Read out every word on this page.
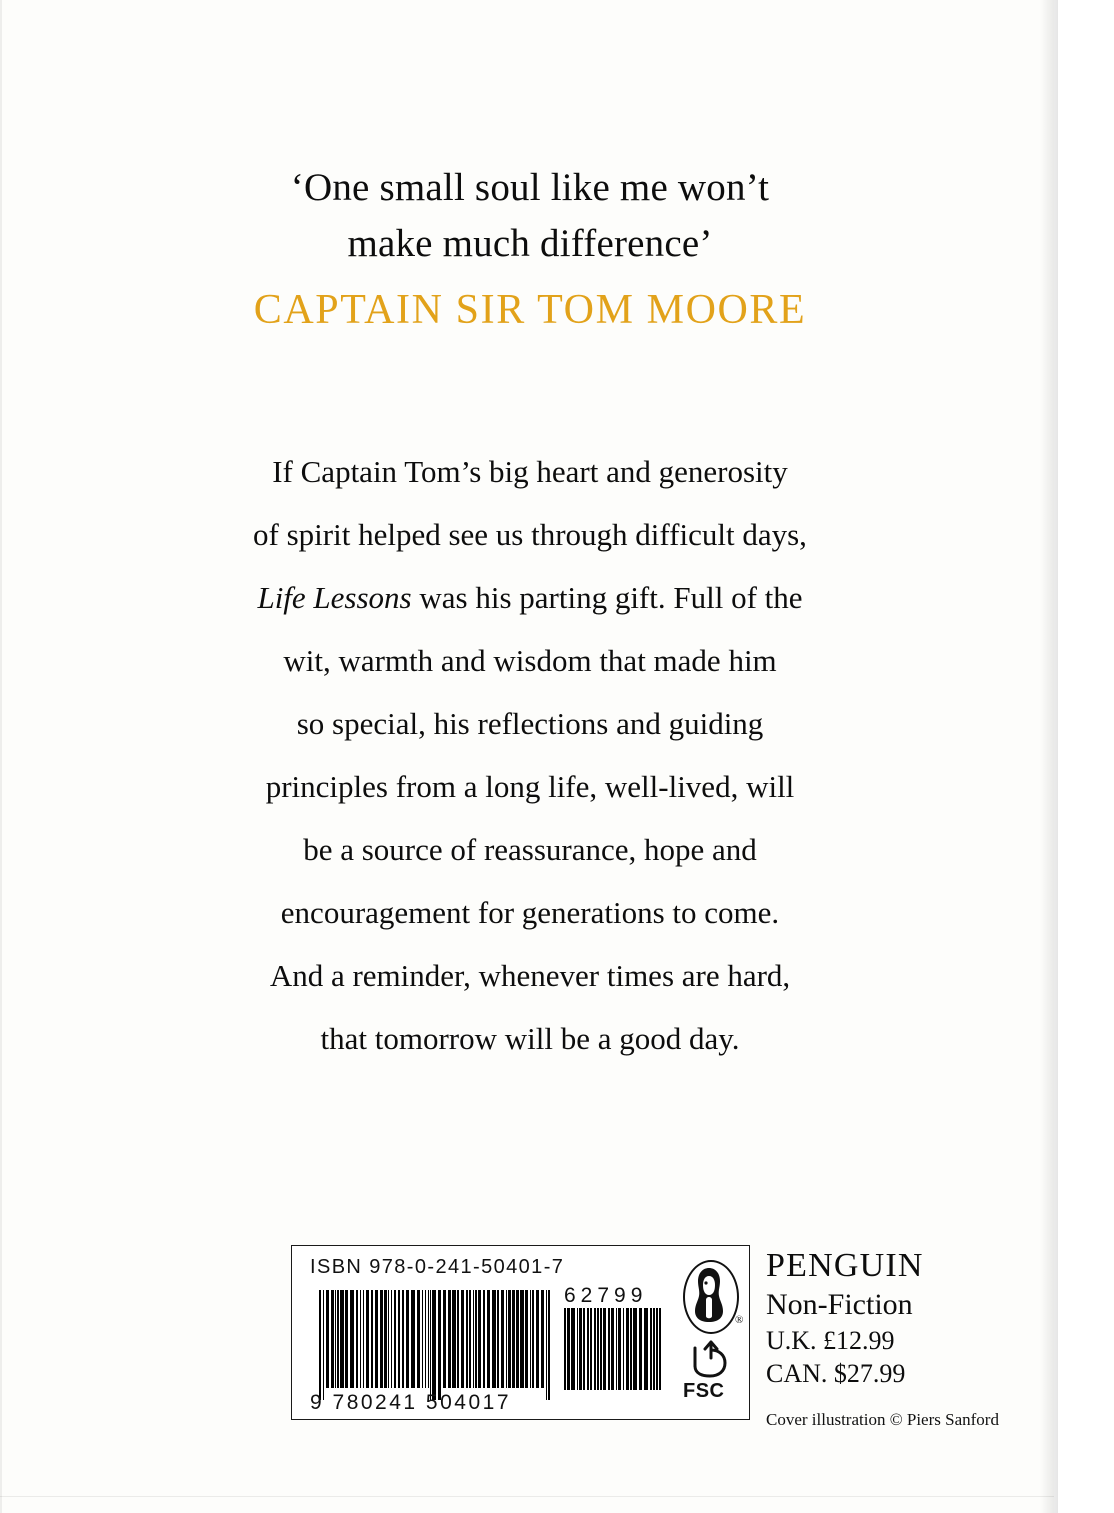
‘One small soul like me won’t
make much difference’
CAPTAIN SIR TOM MOORE
If Captain Tom’s big heart and generosity
of spirit helped see us through difficult days,
Life Lessons was his parting gift. Full of the
wit, warmth and wisdom that made him
so special, his reflections and guiding
principles from a long life, well-lived, will
be a source of reassurance, hope and
encouragement for generations to come.
And a reminder, whenever times are hard,
that tomorrow will be a good day.
ISBN 978-0-241-50401-7
9 780241 504017
62799
®
FSC
PENGUIN
Non-Fiction
U.K. £12.99
CAN. $27.99
Cover illustration © Piers Sanford
